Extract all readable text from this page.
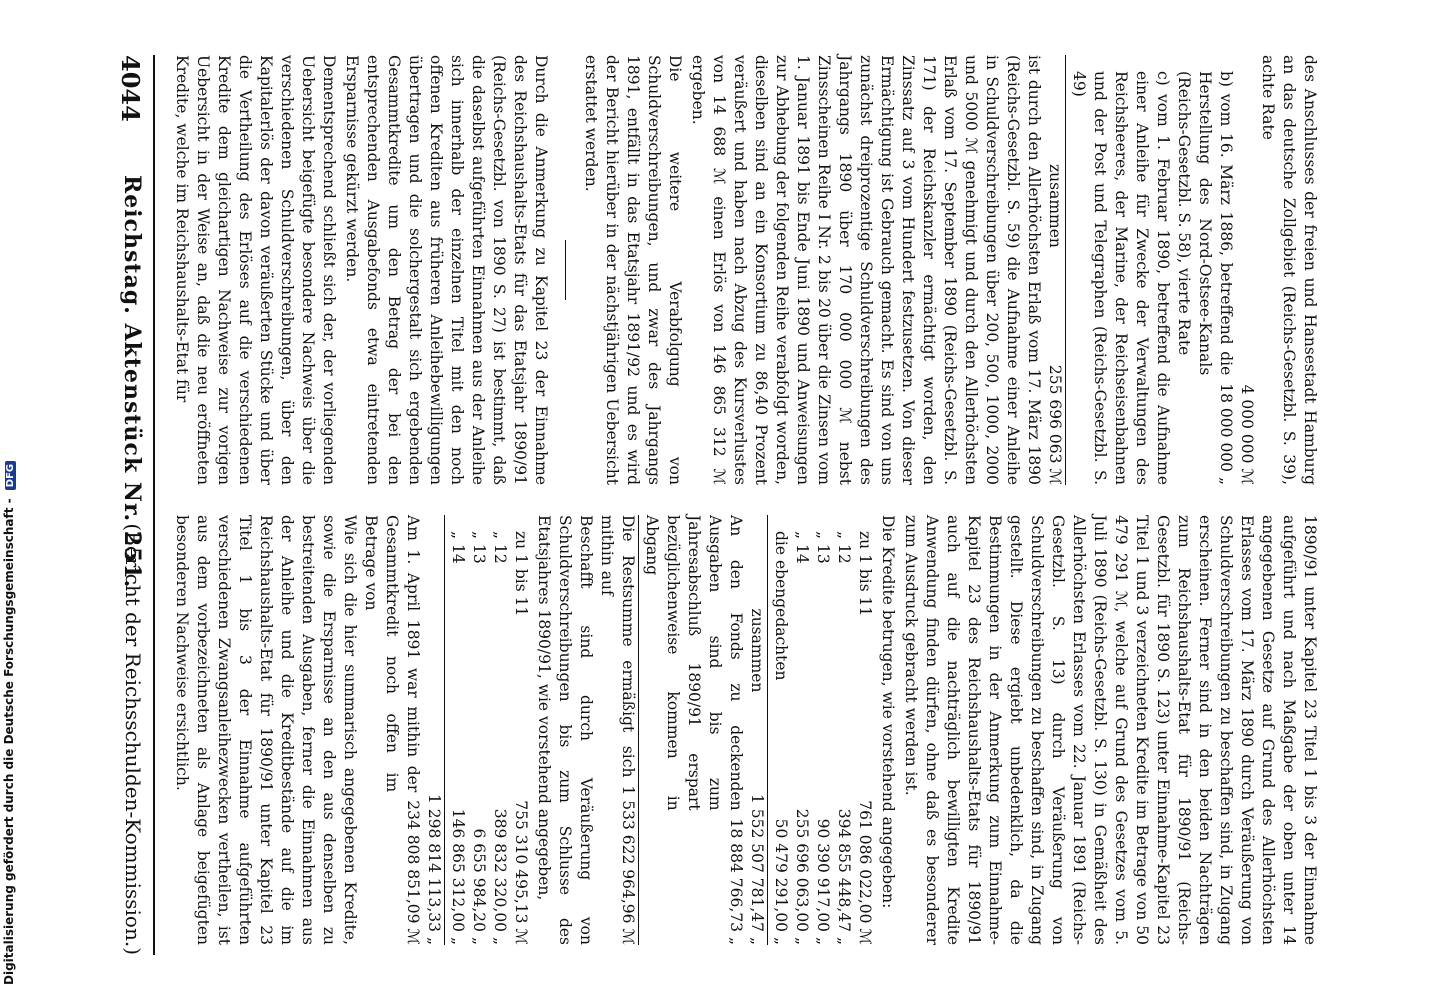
4044
Reichstag. Aktenstück Nr. 251.
(Bericht der Reichsschulden-Kommission.)
des Anschlusses der freien und Hansestadt Hamburg an das deutsche Zollgebiet (Reichs-Gesetzbl. S. 39), achte Rate
4 000 000 ℳ
b) vom 16. März 1886, betreffend die Herstellung des Nord-Ostsee-Kanals (Reichs-Gesetzbl. S. 58), vierte Rate
18 000 000 „
c) vom 1. Februar 1890, betreffend die Aufnahme einer Anleihe für Zwecke der Verwaltungen des Reichsheeres, der Marine, der Reichseisenbahnen und der Post und Telegraphen (Reichs-Gesetzbl. S. 49)
zusammen
255 696 063 ℳ

ist durch den Allerhöchsten Erlaß vom 17. März 1890 (Reichs-Gesetzbl. S. 59) die Aufnahme einer Anleihe in Schuldverschreibungen über 200, 500, 1000, 2000 und 5000 ℳ genehmigt und durch den Allerhöchsten Erlaß vom 17. September 1890 (Reichs-Gesetzbl. S. 171) der Reichskanzler ermächtigt worden, den Zinssatz auf 3 vom Hundert festzusetzen. Von dieser Ermächtigung ist Gebrauch gemacht. Es sind von uns zunächst dreiprozentige Schuldverschreibungen des Jahrgangs 1890 über 170 000 000 ℳ nebst Zinsscheinen Reihe I Nr. 2 bis 20 über die Zinsen vom 1. Januar 1891 bis Ende Juni 1890 und Anweisungen zur Abhebung der folgenden Reihe verabfolgt worden, dieselben sind an ein Konsortium zu 86,40 Prozent veräußert und haben nach Abzug des Kursverlustes von 14 688 ℳ einen Erlös von 146 865 312 ℳ ergeben.

Die weitere Verabfolgung von Schuldverschreibungen, und zwar des Jahrgangs 1891, entfällt in das Etatsjahr 1891/92 und es wird der Bericht hierüber in der nächstjährigen Uebersicht erstattet werden.

Durch die Anmerkung zu Kapitel 23 der Einnahme des Reichshaushalts-Etats für das Etatsjahr 1890/91 (Reichs-Gesetzbl. von 1890 S. 27) ist bestimmt, daß die daselbst aufgeführten Einnahmen aus der Anleihe sich innerhalb der einzelnen Titel mit den noch offenen Krediten aus früheren Anleihebewilligungen übertragen und die solchergestalt sich ergebenden Gesammtkredite um den Betrag der bei den entsprechenden Ausgabefonds etwa eintretenden Ersparnisse gekürzt werden.

Dementsprechend schließt sich der, der vorliegenden Uebersicht beigefügte besondere Nachweis über die verschiedenen Schuldverschreibungen, über den Kapitalerlös der davon veräußerten Stücke und über die Vertheilung des Erlöses auf die verschiedenen Kredite dem gleichartigen Nachweise zur vorigen Uebersicht in der Weise an, daß die neu eröffneten Kredite, welche im Reichshaushalts-Etat für

1890/91 unter Kapitel 23 Titel 1 bis 3 der Einnahme aufgeführt und nach Maßgabe der oben unter 14 angegebenen Gesetze auf Grund des Allerhöchsten Erlasses vom 17. März 1890 durch Veräußerung von Schuldverschreibungen zu beschaffen sind, in Zugang erscheinen. Ferner sind in den beiden Nachträgen zum Reichshaushalts-Etat für 1890/91 (Reichs-Gesetzbl. für 1890 S. 123) unter Einnahme-Kapitel 23 Titel 1 und 3 verzeichneten Kredite im Betrage von 50 479 291 ℳ, welche auf Grund des Gesetzes vom 5. Juli 1890 (Reichs-Gesetzbl. S. 130) in Gemäßheit des Allerhöchsten Erlasses vom 22. Januar 1891 (Reichs-Gesetzbl. S. 13) durch Veräußerung von Schuldverschreibungen zu beschaffen sind, in Zugang gestellt. Diese ergiebt unbedenklich, da die Bestimmungen in der Anmerkung zum Einnahme-Kapitel 23 des Reichshaushalts-Etats für 1890/91 auch auf die nachträglich bewilligten Kredite Anwendung finden dürfen, ohne daß es besonderer zum Ausdruck gebracht werden ist.

Die Kredite betrugen, wie vorstehend angegeben:

zu 1 bis 11
761 086 022,00 ℳ
„ 12
394 855 448,47 „
„ 13
90 390 917,00 „
„ 14
255 696 063,00 „
die ebengedachten
50 479 291,00 „
zusammen
1 552 507 781,47 „
An den Fonds zu deckenden Ausgaben sind bis zum Jahresabschluß 1890/91 erspart bezüglichenweise kommen in Abgang
18 884 766,73 „
Die Restsumme ermäßigt sich mithin auf
1 533 622 964,96 ℳ

Beschafft sind durch Veräußerung von Schuldverschreibungen bis zum Schlusse des Etatsjahres 1890/91, wie vorstehend angegeben,

zu 1 bis 11
755 310 495,13 ℳ
„ 12
389 832 320,00 „
„ 13
6 655 984,20 „
„ 14
146 865 312,00 „
1 298 814 113,33 „
Am 1. April 1891 war mithin der Gesammtkredit noch offen im Betrage von
234 808 851,09 ℳ

Wie sich die hier summarisch angegebenen Kredite, sowie die Ersparnisse an den aus denselben zu bestreitenden Ausgaben, ferner die Einnahmen aus der Anleihe und die Kreditbestände auf die im Reichshaushalts-Etat für 1890/91 unter Kapitel 23 Titel 1 bis 3 der Einnahme aufgeführten verschiedenen Zwangsanleihezwecken vertheilen, ist aus dem vorbezeichneten als Anlage beigefügten besonderen Nachweise ersichtlich.

Digitalisierung gefördert durch die Deutsche Forschungsgemeinschaft - DFG
